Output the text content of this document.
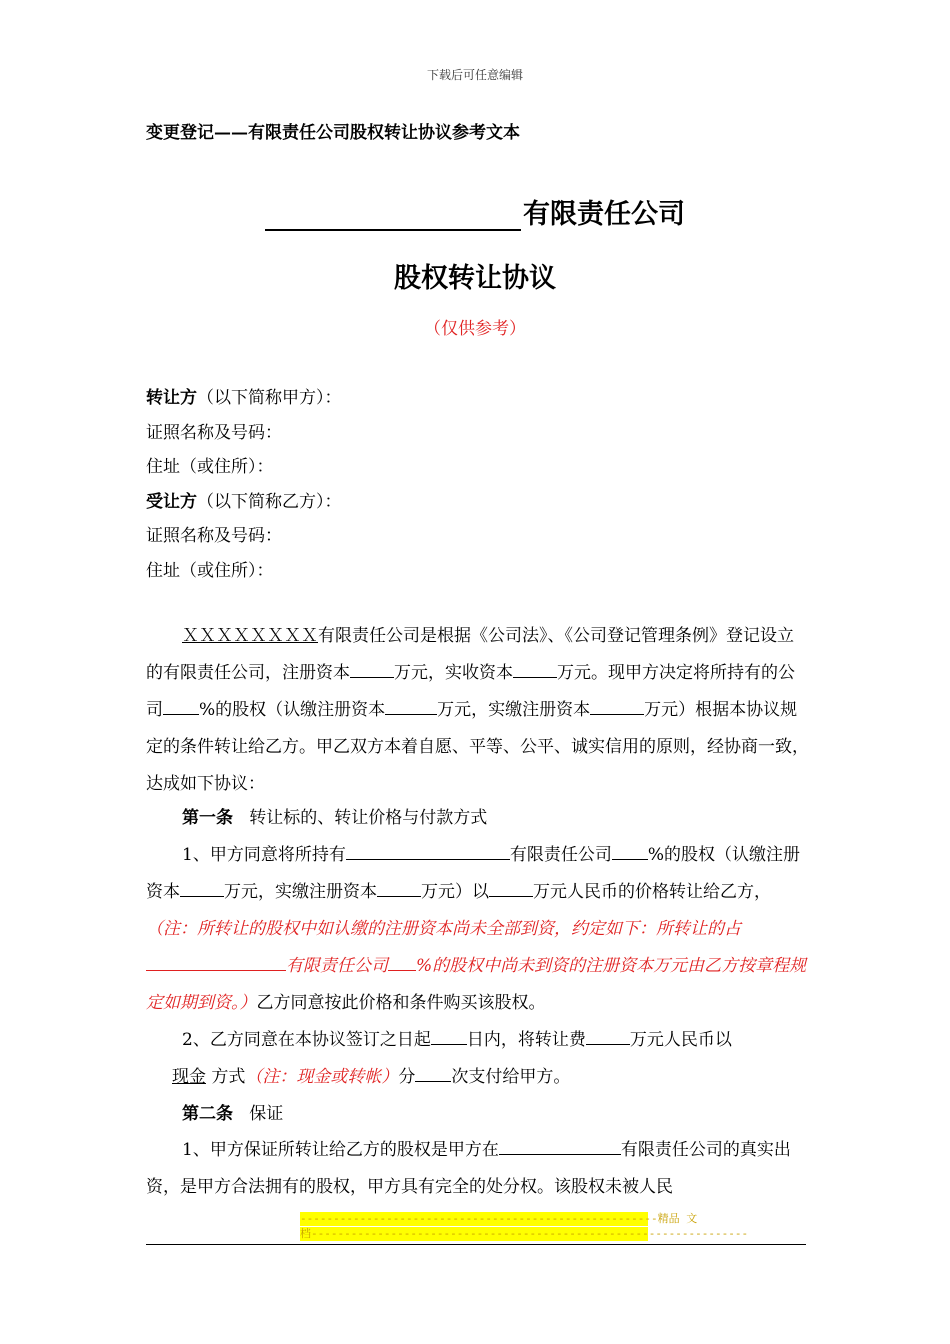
下载后可任意编辑
变更登记——有限责任公司股权转让协议参考文本
有限责任公司
股权转让协议
（仅供参考）
转让方（以下简称甲方）：
证照名称及号码：
住址（或住所）：
受让方（以下简称乙方）：
证照名称及号码：
住址（或住所）：
ＸＸＸＸＸＸＸＸ有限责任公司是根据《公司法》、《公司登记管理条例》登记设立的有限责任公司，注册资本	万元，实收资本	万元。现甲方决定将所持有的公司 %的股权（认缴注册资本	万元，实缴注册资本	万元）根据本协议规定的条件转让给乙方。甲乙双方本着自愿、平等、公平、诚实信用的原则，经协商一致，达成如下协议：
第一条 转让标的、转让价格与付款方式
1、甲方同意将所持有	有限责任公司 %的股权（认缴注册资本	万元，实缴注册资本	万元）以	万元人民币的价格转让给乙方，（注：所转让的股权中如认缴的注册资本尚未全部到资，约定如下：所转让的占有限责任公司 %的股权中尚未到资的注册资本万元由乙方按章程规定如期到资。）乙方同意按此价格和条件购买该股权。
2、乙方同意在本协议签订之日起 日内，将转让费	万元人民币以
现金 方式（注：现金或转帐）分 次支付给甲方。
第二条 保证
1、甲方保证所转让给乙方的股权是甲方在	有限责任公司的真实出资，是甲方合法拥有的股权，甲方具有完全的处分权。该股权未被人民
------------------------------------------------------精品 文
档------------------------------------------------------------------
